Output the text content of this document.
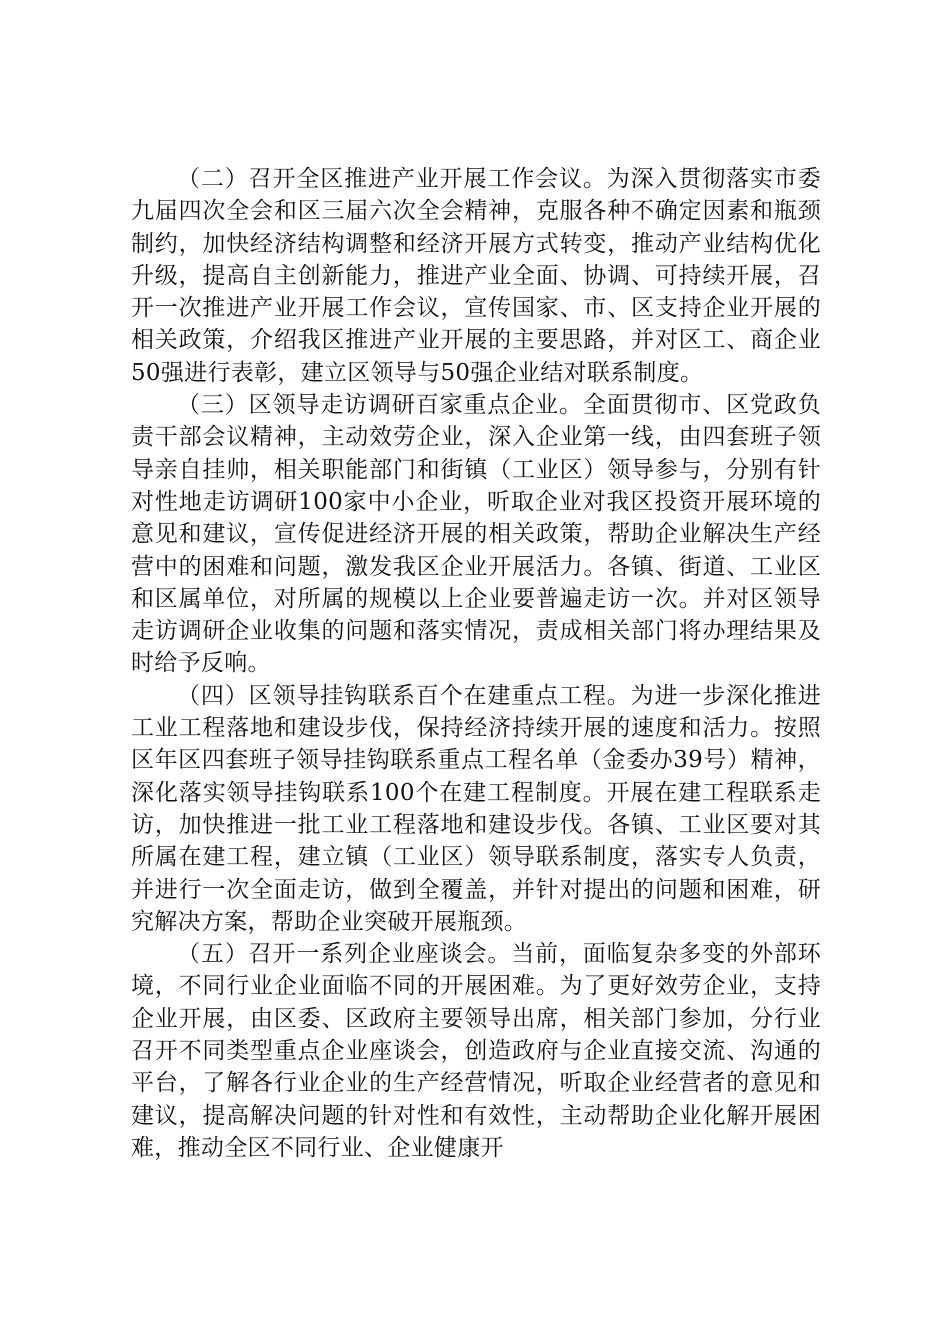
（二）召开全区推进产业开展工作会议。为深入贯彻落实市委九届四次全会和区三届六次全会精神，克服各种不确定因素和瓶颈制约，加快经济结构调整和经济开展方式转变，推动产业结构优化升级，提高自主创新能力，推进产业全面、协调、可持续开展，召开一次推进产业开展工作会议，宣传国家、市、区支持企业开展的相关政策，介绍我区推进产业开展的主要思路，并对区工、商企业50强进行表彰，建立区领导与50强企业结对联系制度。

（三）区领导走访调研百家重点企业。全面贯彻市、区党政负责干部会议精神，主动效劳企业，深入企业第一线，由四套班子领导亲自挂帅，相关职能部门和街镇（工业区）领导参与，分别有针对性地走访调研100家中小企业，听取企业对我区投资开展环境的意见和建议，宣传促进经济开展的相关政策，帮助企业解决生产经营中的困难和问题，激发我区企业开展活力。各镇、街道、工业区和区属单位，对所属的规模以上企业要普遍走访一次。并对区领导走访调研企业收集的问题和落实情况，责成相关部门将办理结果及时给予反响。

（四）区领导挂钩联系百个在建重点工程。为进一步深化推进工业工程落地和建设步伐，保持经济持续开展的速度和活力。按照区年区四套班子领导挂钩联系重点工程名单（金委办39号）精神，深化落实领导挂钩联系100个在建工程制度。开展在建工程联系走访，加快推进一批工业工程落地和建设步伐。各镇、工业区要对其所属在建工程，建立镇（工业区）领导联系制度，落实专人负责，并进行一次全面走访，做到全覆盖，并针对提出的问题和困难，研究解决方案，帮助企业突破开展瓶颈。

（五）召开一系列企业座谈会。当前，面临复杂多变的外部环境，不同行业企业面临不同的开展困难。为了更好效劳企业，支持企业开展，由区委、区政府主要领导出席，相关部门参加，分行业召开不同类型重点企业座谈会，创造政府与企业直接交流、沟通的平台，了解各行业企业的生产经营情况，听取企业经营者的意见和建议，提高解决问题的针对性和有效性，主动帮助企业化解开展困难，推动全区不同行业、企业健康开
